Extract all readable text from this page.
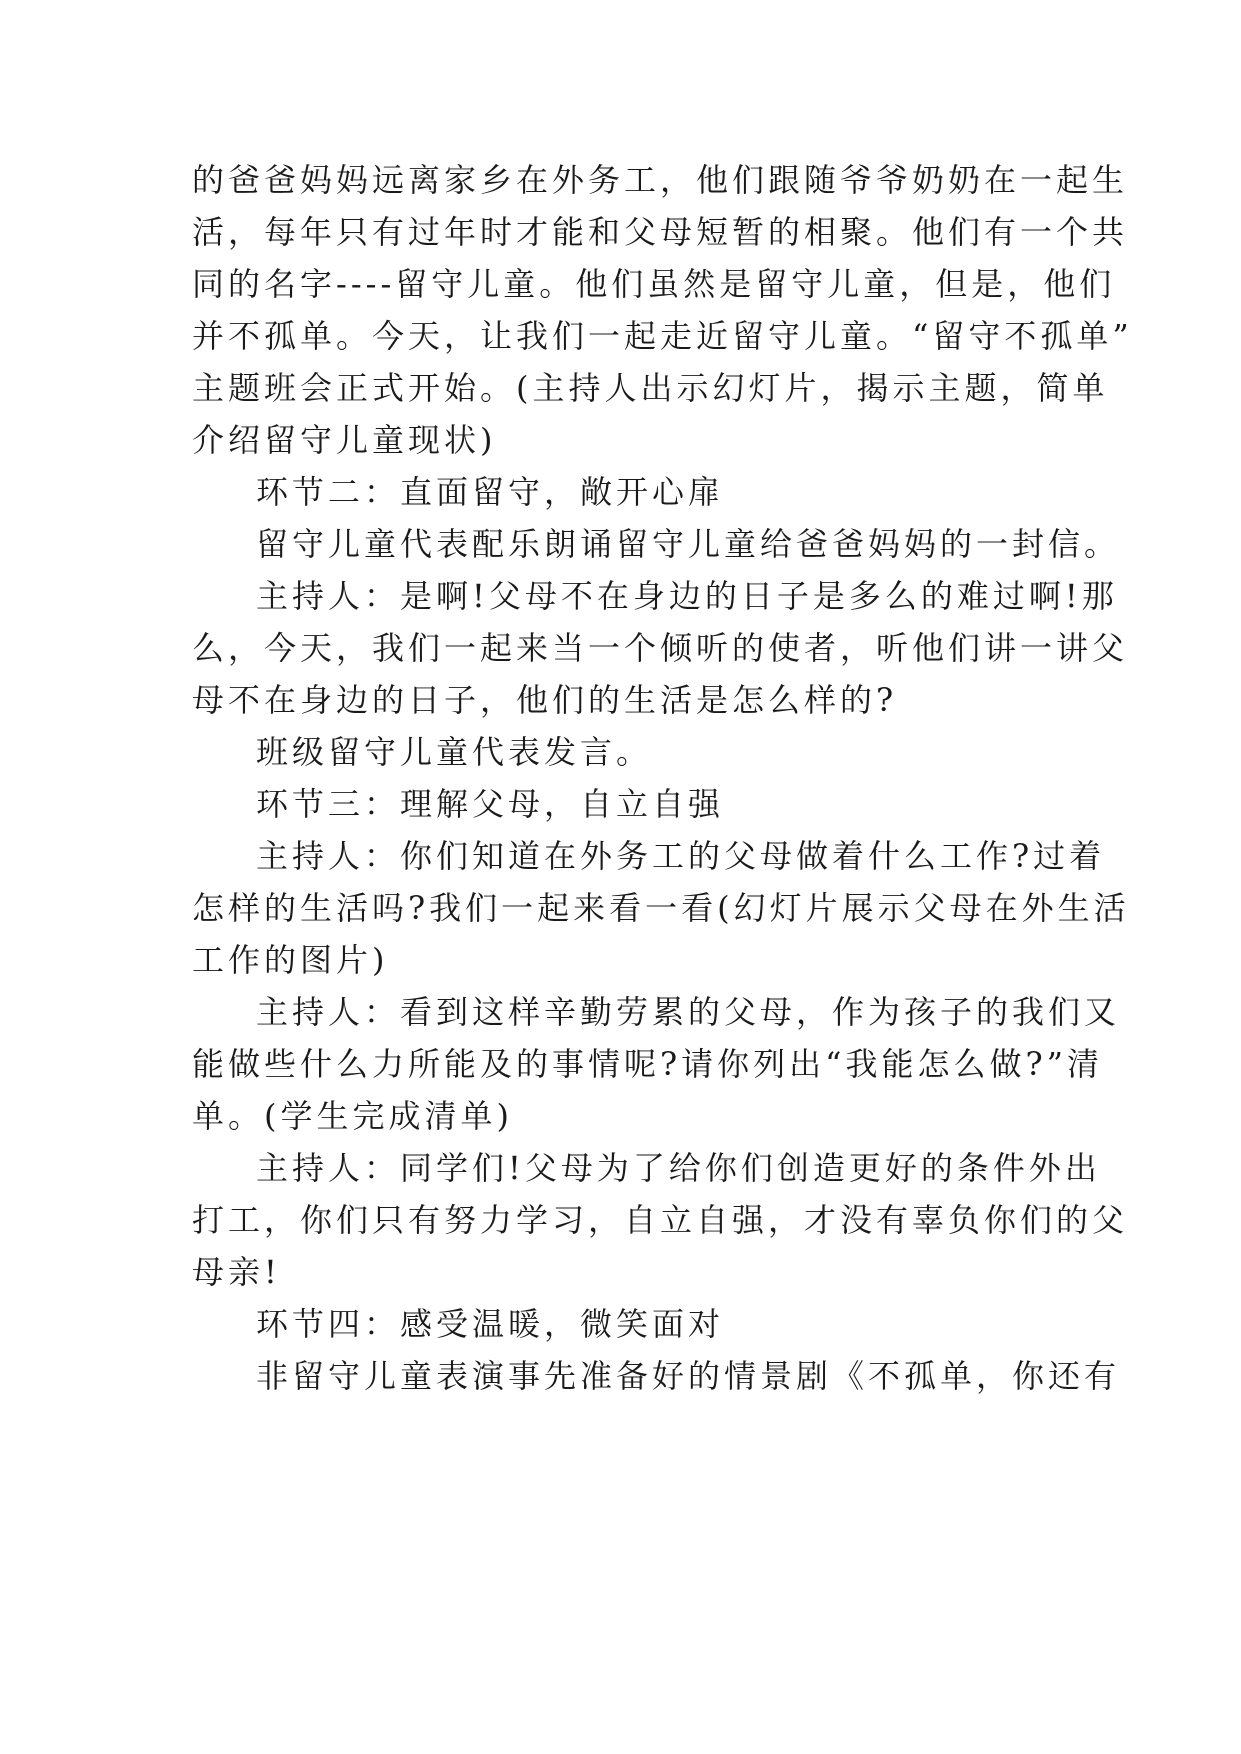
的爸爸妈妈远离家乡在外务工，他们跟随爷爷奶奶在一起生
活，每年只有过年时才能和父母短暂的相聚。他们有一个共
同的名字----留守儿童。他们虽然是留守儿童，但是，他们
并不孤单。今天，让我们一起走近留守儿童。“留守不孤单”
主题班会正式开始。(主持人出示幻灯片，揭示主题，简单
介绍留守儿童现状)
环节二：直面留守，敞开心扉
留守儿童代表配乐朗诵留守儿童给爸爸妈妈的一封信。
主持人：是啊!父母不在身边的日子是多么的难过啊!那
么，今天，我们一起来当一个倾听的使者，听他们讲一讲父
母不在身边的日子，他们的生活是怎么样的?
班级留守儿童代表发言。
环节三：理解父母，自立自强
主持人：你们知道在外务工的父母做着什么工作?过着
怎样的生活吗?我们一起来看一看(幻灯片展示父母在外生活
工作的图片)
主持人：看到这样辛勤劳累的父母，作为孩子的我们又
能做些什么力所能及的事情呢?请你列出“我能怎么做?”清
单。(学生完成清单)
主持人：同学们!父母为了给你们创造更好的条件外出
打工，你们只有努力学习，自立自强，才没有辜负你们的父
母亲!
环节四：感受温暖，微笑面对
非留守儿童表演事先准备好的情景剧《不孤单，你还有
